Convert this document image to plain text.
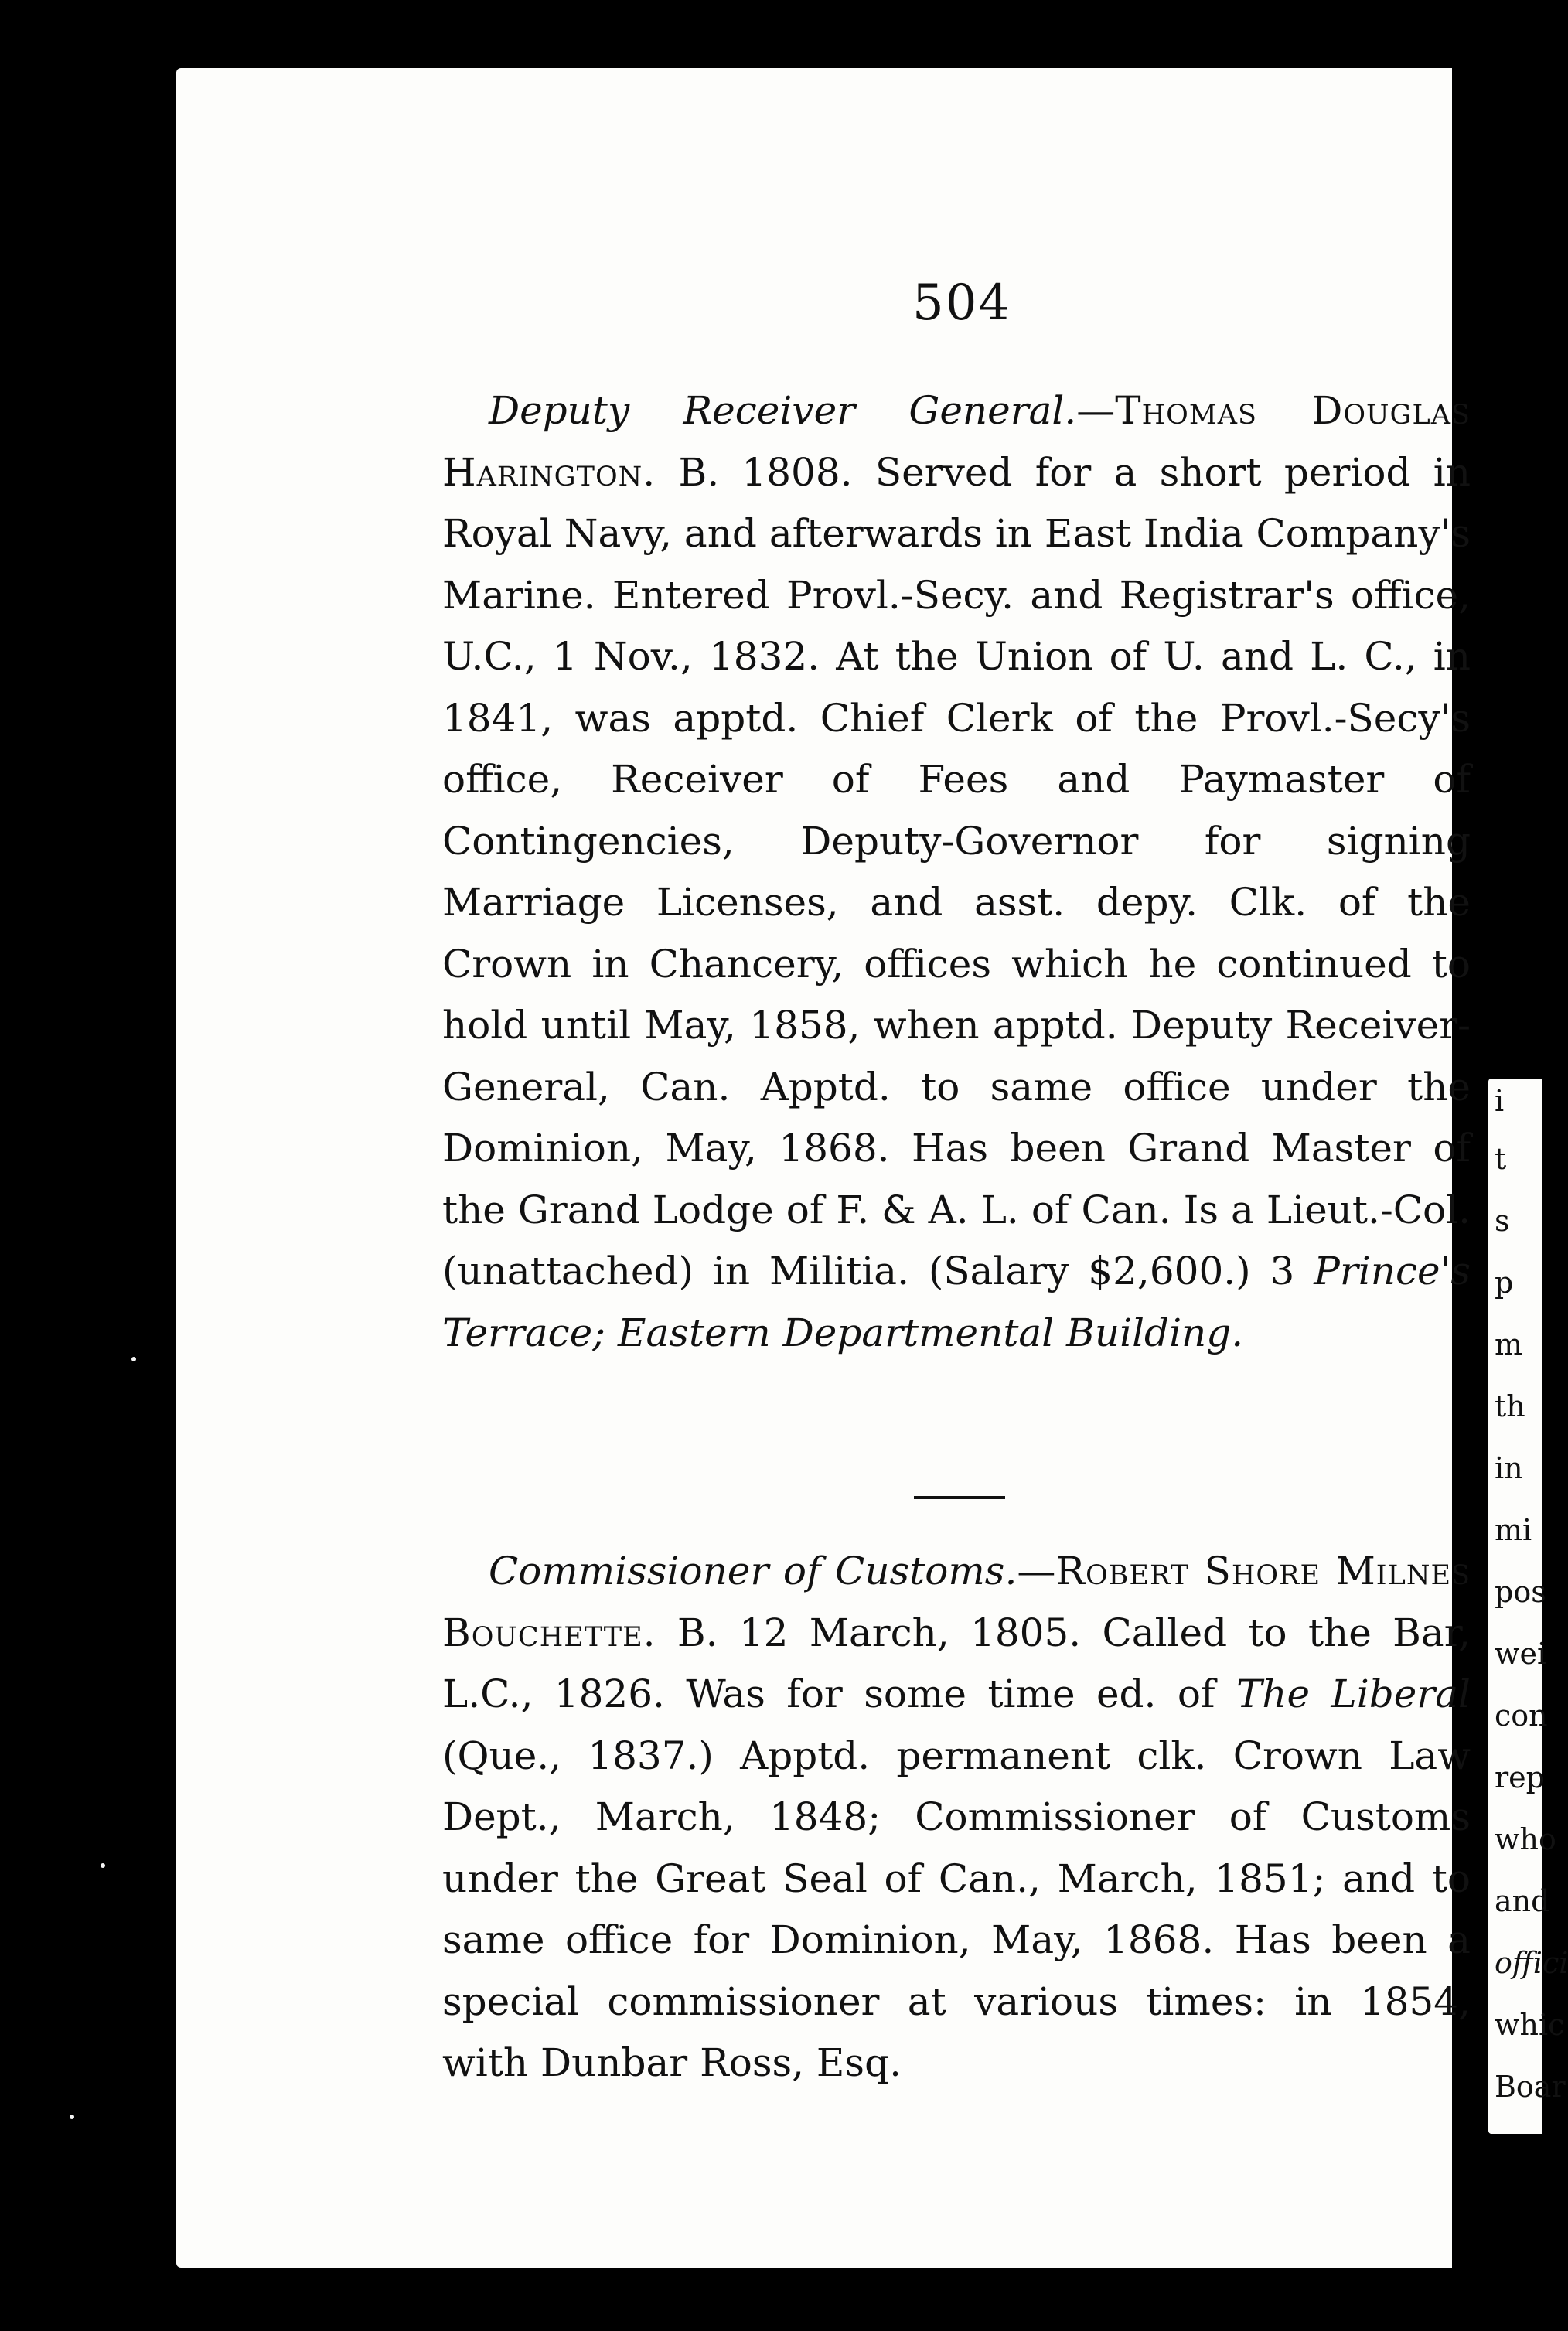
i
t
s
p
m
th
in
mi
pos
wei
con
rep
who
and
offici
whic
Boar
504

Deputy Receiver General.—Thomas Douglas Harington. B. 1808. Served for a short period in Royal Navy, and afterwards in East India Company's Marine. Entered Provl.-Secy. and Registrar's office, U.C., 1 Nov., 1832. At the Union of U. and L. C., in 1841, was apptd. Chief Clerk of the Provl.-Secy's office, Receiver of Fees and Paymaster of Contingencies, Deputy-Governor for signing Marriage Licenses, and asst. depy. Clk. of the Crown in Chancery, offices which he continued to hold until May, 1858, when apptd. Deputy Receiver-General, Can. Apptd. to same office under the Dominion, May, 1868. Has been Grand Master of the Grand Lodge of F. & A. L. of Can. Is a Lieut.-Col. (unattached) in Militia. (Salary $2,600.) 3 Prince's Terrace; Eastern Departmental Building.

Commissioner of Customs.—Robert Shore Milnes Bouchette. B. 12 March, 1805. Called to the Bar, L.C., 1826. Was for some time ed. of The Liberal (Que., 1837.) Apptd. permanent clk. Crown Law Dept., March, 1848; Commissioner of Customs under the Great Seal of Can., March, 1851; and to same office for Dominion, May, 1868. Has been a special commissioner at various times: in 1854, with Dunbar Ross, Esq.
